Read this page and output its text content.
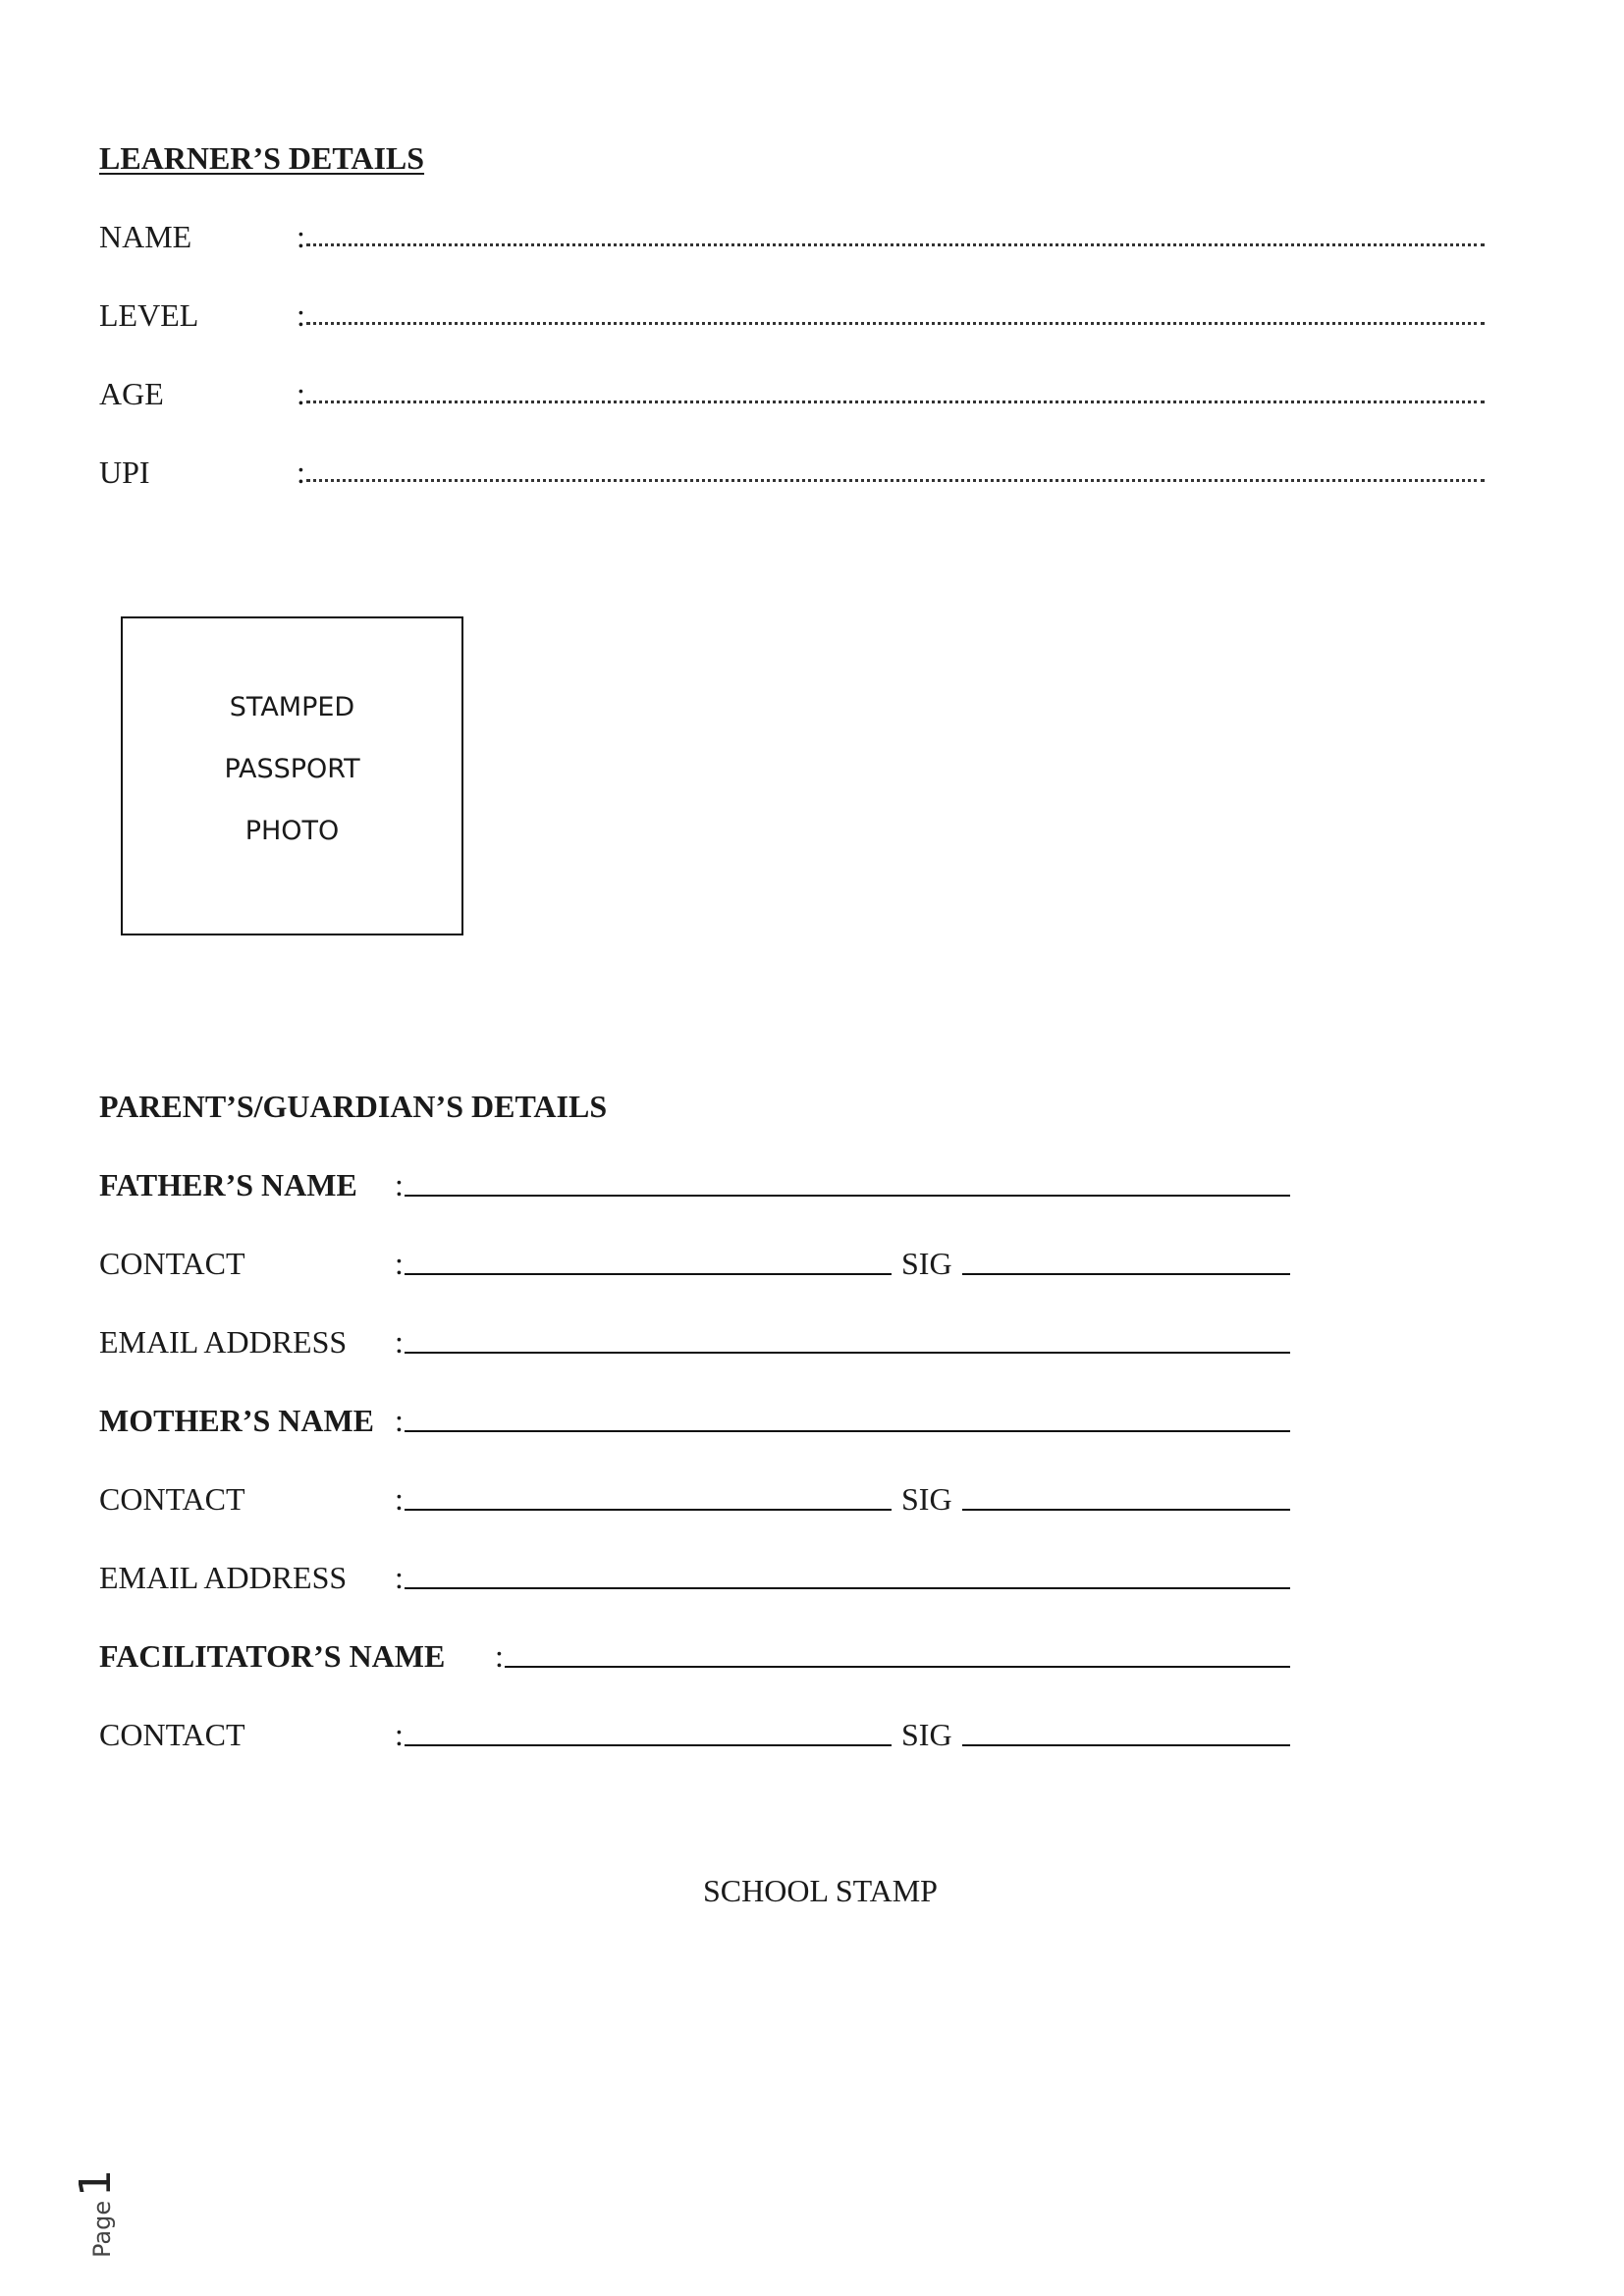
LEARNER’S DETAILS
NAME	:
LEVEL	:
AGE	:
UPI	:
STAMPED
PASSPORT
PHOTO
PARENT’S/GUARDIAN’S DETAILS
FATHER’S NAME :
CONTACT	:	SIG
EMAIL ADDRESS :
MOTHER’S NAME :
CONTACT	:	SIG
EMAIL ADDRESS :
FACILITATOR’S NAME :
CONTACT	:	SIG
SCHOOL STAMP
Page1
